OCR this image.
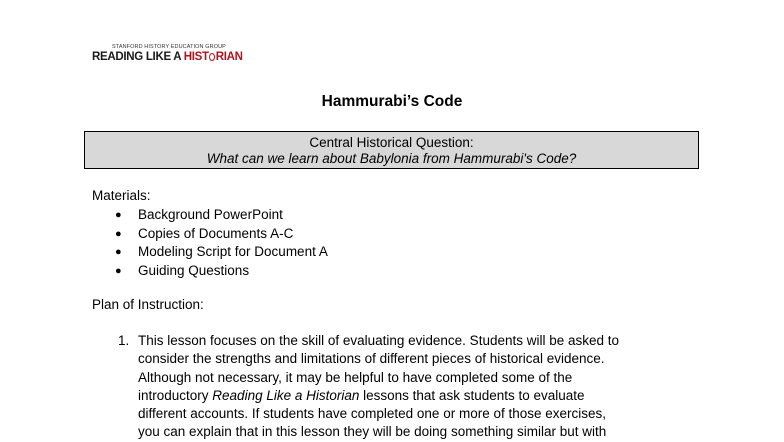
STANFORD HISTORY EDUCATION GROUP
READING LIKE A HIST RIAN
Hammurabi’s Code
Central Historical Question:
What can we learn about Babylonia from Hammurabi's Code?
Materials:
● Background PowerPoint
● Copies of Documents A-C
● Modeling Script for Document A
● Guiding Questions
Plan of Instruction:
1. This lesson focuses on the skill of evaluating evidence. Students will be asked to
consider the strengths and limitations of different pieces of historical evidence.
Although not necessary, it may be helpful to have completed some of the
introductory Reading Like a Historian lessons that ask students to evaluate
different accounts. If students have completed one or more of those exercises,
you can explain that in this lesson they will be doing something similar but with
